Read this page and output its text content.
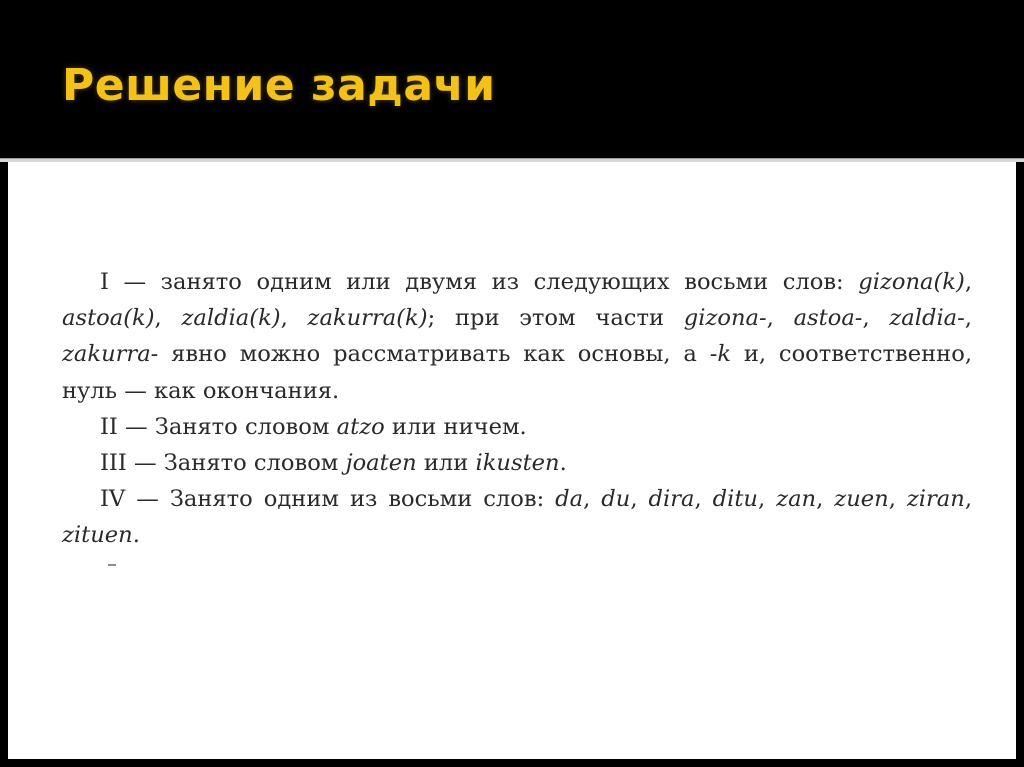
Решение задачи

I — занято одним или двумя из следующих восьми слов: gizona(k), astoa(k), zaldia(k), zakurra(k); при этом части gizona-, astoa-, zaldia-, zakurra- явно можно рассматривать как основы, а -k и, соответственно, нуль — как окончания.

II — Занято словом atzo или ничем.

III — Занято словом joaten или ikusten.

IV — Занято одним из восьми слов: da, du, dira, ditu, zan, zuen, ziran, zituen.
